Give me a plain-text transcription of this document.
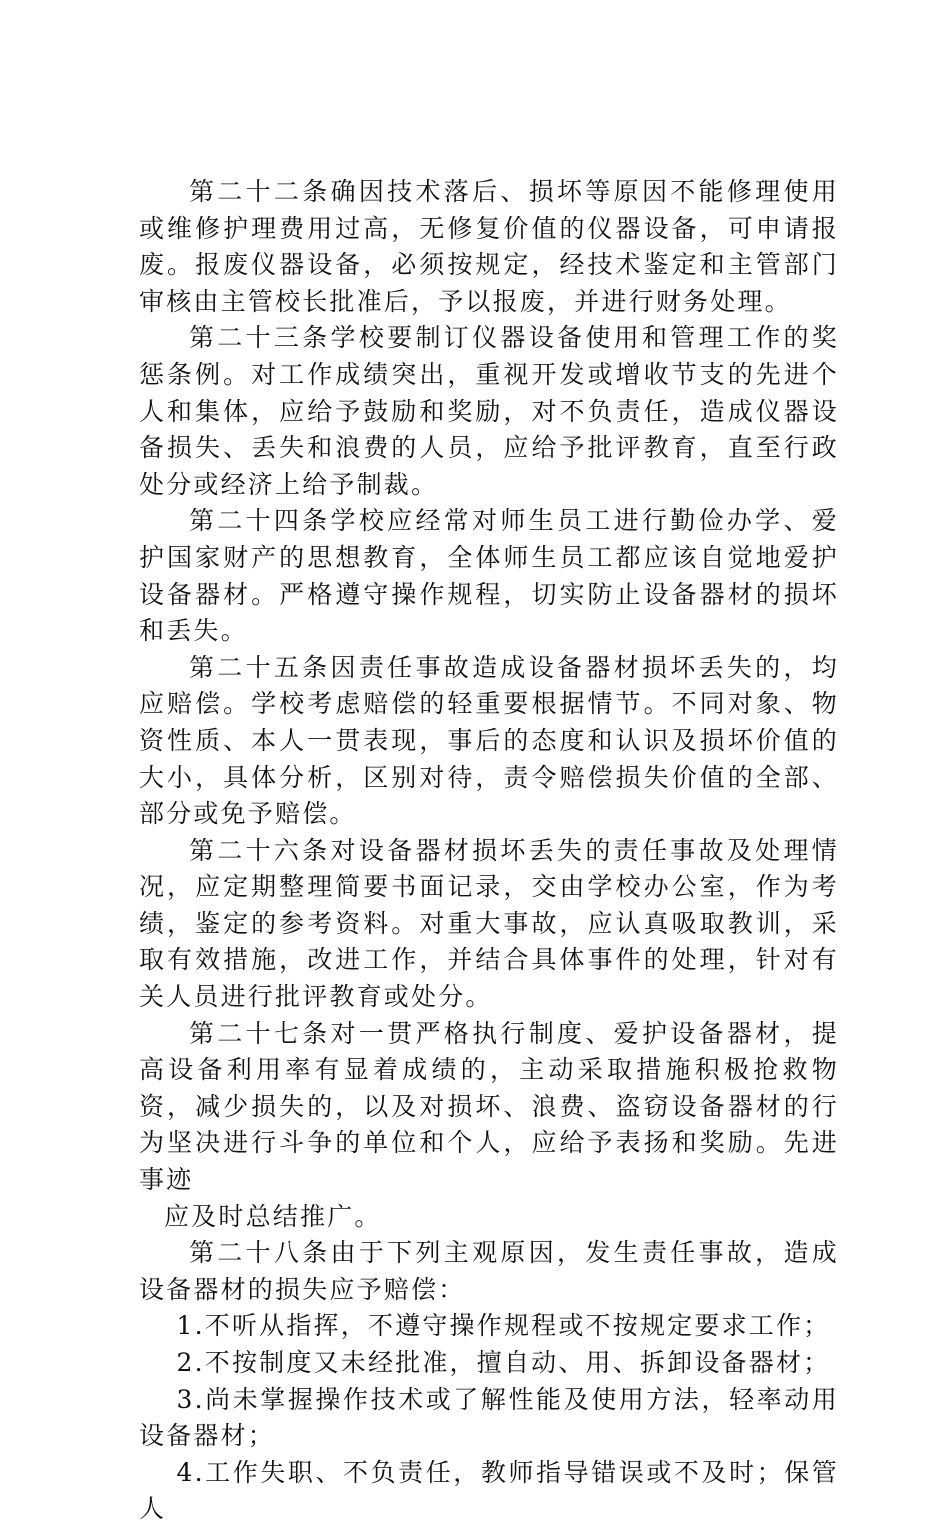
第二十二条确因技术落后、损坏等原因不能修理使用或维修护理费用过高，无修复价值的仪器设备，可申请报废。报废仪器设备，必须按规定，经技术鉴定和主管部门审核由主管校长批准后，予以报废，并进行财务处理。

第二十三条学校要制订仪器设备使用和管理工作的奖惩条例。对工作成绩突出，重视开发或增收节支的先进个人和集体，应给予鼓励和奖励，对不负责任，造成仪器设备损失、丢失和浪费的人员，应给予批评教育，直至行政处分或经济上给予制裁。

第二十四条学校应经常对师生员工进行勤俭办学、爱护国家财产的思想教育，全体师生员工都应该自觉地爱护设备器材。严格遵守操作规程，切实防止设备器材的损坏和丢失。

第二十五条因责任事故造成设备器材损坏丢失的，均应赔偿。学校考虑赔偿的轻重要根据情节。不同对象、物资性质、本人一贯表现，事后的态度和认识及损坏价值的大小，具体分析，区别对待，责令赔偿损失价值的全部、部分或免予赔偿。

第二十六条对设备器材损坏丢失的责任事故及处理情况，应定期整理简要书面记录，交由学校办公室，作为考绩，鉴定的参考资料。对重大事故，应认真吸取教训，采取有效措施，改进工作，并结合具体事件的处理，针对有关人员进行批评教育或处分。

第二十七条对一贯严格执行制度、爱护设备器材，提高设备利用率有显着成绩的，主动采取措施积极抢救物资，减少损失的，以及对损坏、浪费、盗窃设备器材的行为坚决进行斗争的单位和个人，应给予表扬和奖励。先进事迹

应及时总结推广。

第二十八条由于下列主观原因，发生责任事故，造成设备器材的损失应予赔偿：

1.不听从指挥，不遵守操作规程或不按规定要求工作；

2.不按制度又未经批准，擅自动、用、拆卸设备器材；

3.尚未掌握操作技术或了解性能及使用方法，轻率动用设备器材；

4.工作失职、不负责任，教师指导错误或不及时；保管人
